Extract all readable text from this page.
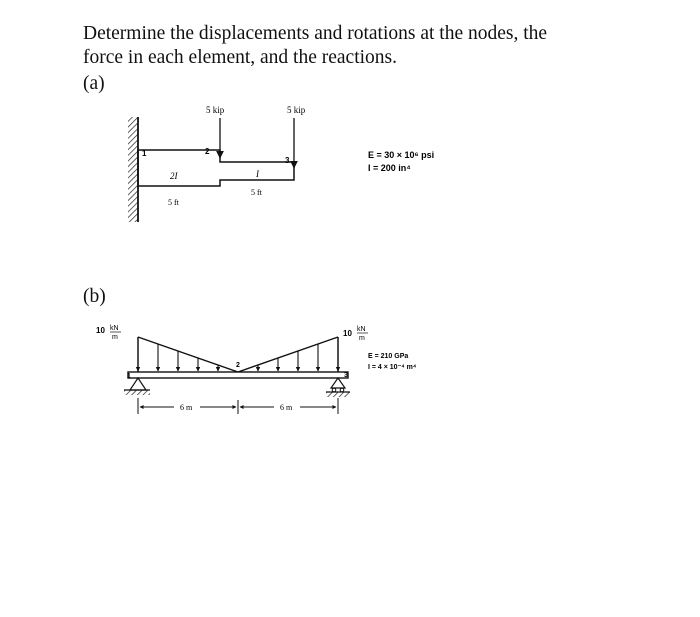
Determine the displacements and rotations at the nodes, the
force in each element, and the reactions.
(a)
(b)
1	2
3
2I	I
5 kip	5 kip
5 ft
5 ft
E = 30 × 10⁶ psi
I = 200 in⁴
10 kN
m	10 kN
m
1
2
3
6 m	6 m
E = 210 GPa
I = 4 × 10⁻⁴ m⁴
